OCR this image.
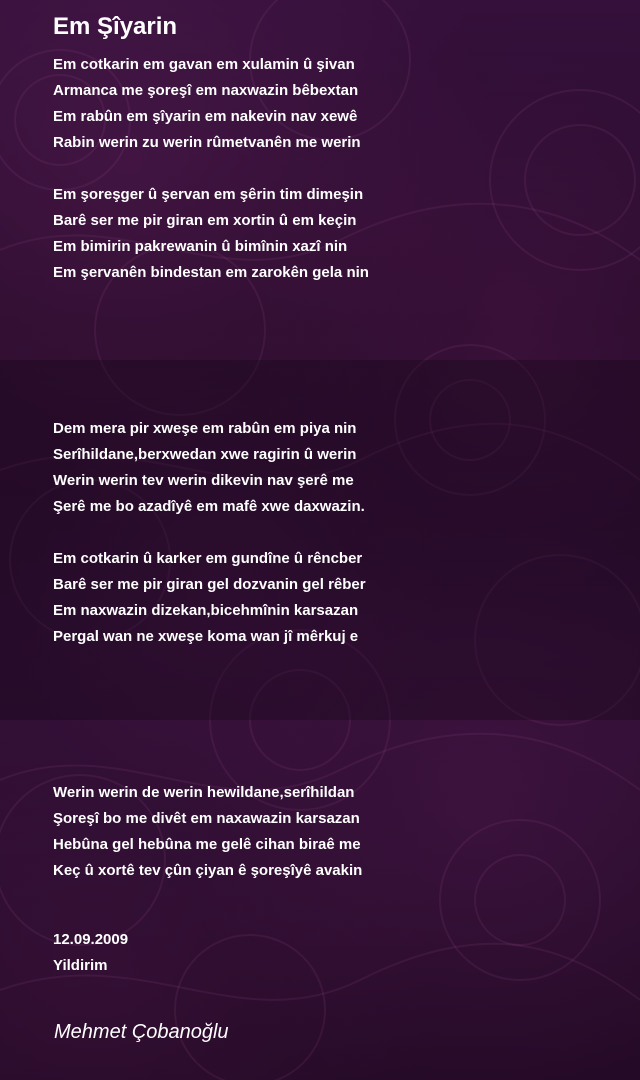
Em Şîyarin
Em cotkarin em gavan em xulamin û şivan
Armanca me şoreşî em naxwazin bêbextan
Em rabûn em şîyarin em nakevin nav xewê
Rabin werin zu werin rûmetvanên me werin
Em şoreşger û şervan em şêrin tim dimeşin
Barê ser me pir giran em xortin û em keçin
Em bimirin pakrewanin û bimînin xazî nin
Em şervanên bindestan em zarokên gela nin
Dem mera pir xweşe em rabûn em piya nin
Serîhildane,berxwedan xwe ragirin û werin
Werin werin tev werin dikevin nav şerê me
Şerê me bo azadîyê em mafê xwe daxwazin.
Em cotkarin û karker em gundîne û rêncber
Barê ser me pir giran gel dozvanin gel rêber
Em naxwazin dizekan,bicehmînin karsazan
Pergal wan ne xweşe koma wan jî mêrkuj e
Werin werin de werin hewildane,serîhildan
Şoreşî bo me divêt em naxawazin karsazan
Hebûna gel hebûna me gelê cihan biraê me
Keç û xortê tev çûn çiyan ê şoreşîyê avakin
12.09.2009
Yildirim
Mehmet Çobanoğlu
